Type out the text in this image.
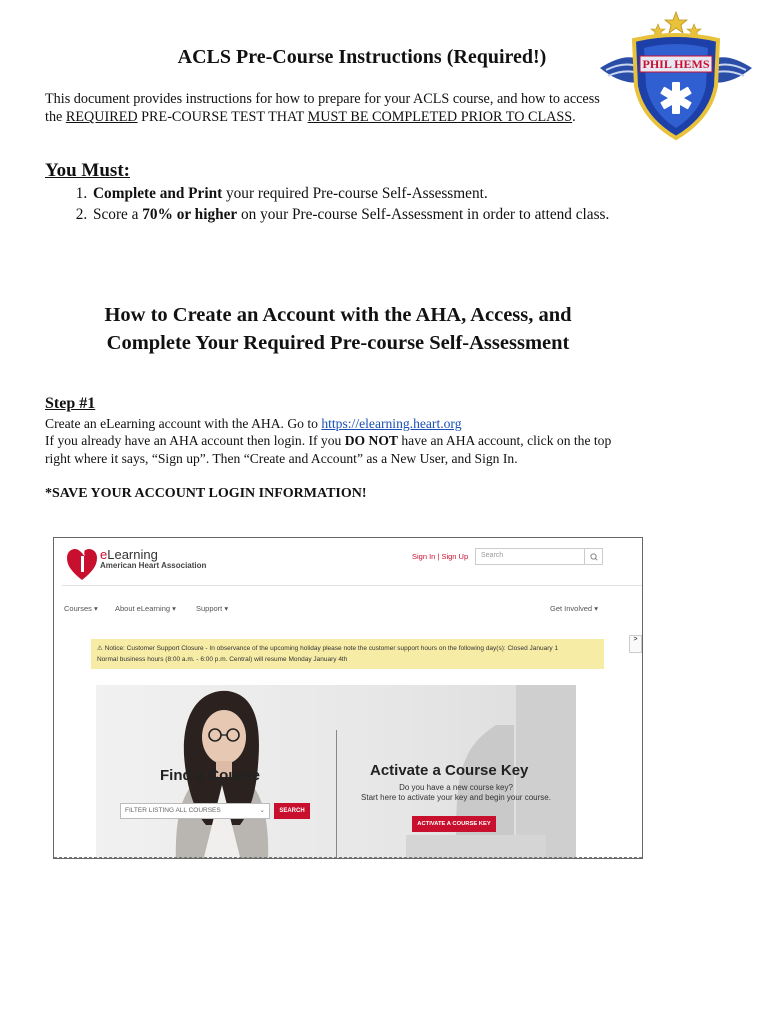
ACLS Pre-Course Instructions (Required!)	PHIL HEMS
This document provides instructions for how to prepare for your ACLS course, and how to access
the REQUIRED PRE-COURSE TEST THAT MUST BE COMPLETED PRIOR TO CLASS.
You Must:
1. Complete and Print your required Pre-course Self-Assessment.
2. Score a 70% or higher on your Pre-course Self-Assessment in order to attend class.
How to Create an Account with the AHA, Access, and
Complete Your Required Pre-course Self-Assessment
Step #1
Create an eLearning account with the AHA. Go to https://elearning.heart.org
If you already have an AHA account then login. If you DO NOT have an AHA account, click on the top
right where it says, “Sign up”. Then “Create and Account” as a New User, and Sign In.
*SAVE YOUR ACCOUNT LOGIN INFORMATION!
eLearning
American Heart Association
Sign In | Sign Up	Search
Courses ▾ About eLearning ▾	Support ▾	Get Involved ▾
⚠ Notice: Customer Support Closure - In observance of the upcoming holiday please note the customer support hours on the following day(s): Closed January 1
Normal business hours (8:00 a.m. - 6:00 p.m. Central) will resume Monday January 4th
>
Find a Course
FILTER LISTING ALL COURSES	⌄	SEARCH
Activate a Course Key
Do you have a new course key?
Start here to activate your key and begin your course.
ACTIVATE A COURSE KEY
